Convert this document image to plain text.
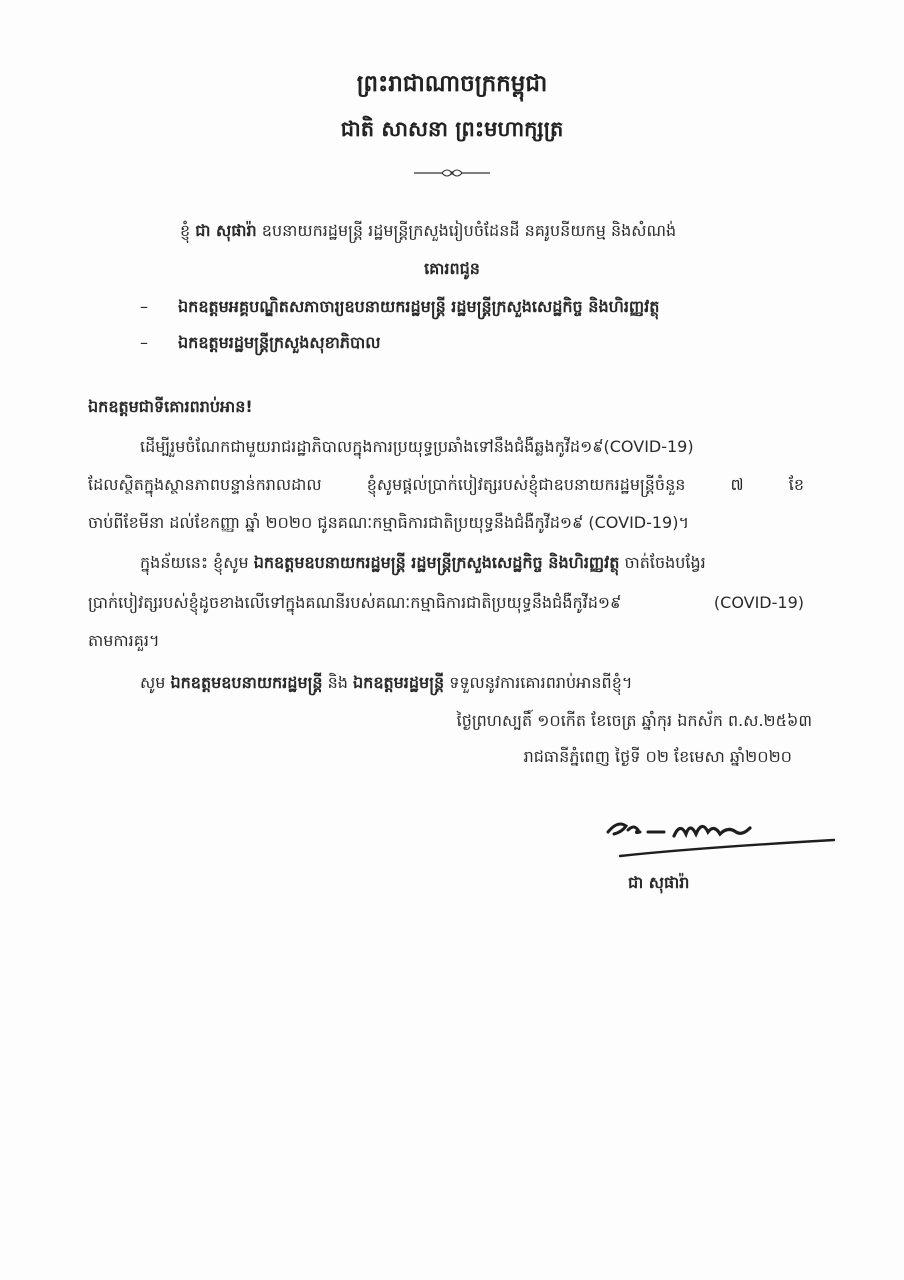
ព្រះរាជាណាចក្រកម្ពុជា
ជាតិ សាសនា ព្រះមហាក្សត្រ
ខ្ញុំ ជា សុផារ៉ា ឧបនាយករដ្ឋមន្ត្រី រដ្ឋមន្ត្រីក្រសួងរៀបចំដែនដី នគរូបនីយកម្ម និងសំណង់
គោរពជូន
– ឯកឧត្តមអគ្គបណ្ឌិតសភាចារ្យឧបនាយករដ្ឋមន្ត្រី រដ្ឋមន្ត្រីក្រសួងសេដ្ឋកិច្ច និងហិរញ្ញវត្ថុ
– ឯកឧត្តមរដ្ឋមន្ត្រីក្រសួងសុខាភិបាល
ឯកឧត្តមជាទីគោរពរាប់អាន!
ដើម្បីរួមចំណែកជាមួយរាជរដ្ឋាភិបាលក្នុងការប្រយុទ្ធប្រឆាំងទៅនឹងជំងឺឆ្លងកូវីដ១៩(COVID-19)
ដែលស្ថិតក្នុងស្ថានភាពបន្ទាន់ករាលដាល ខ្ញុំសូមផ្តល់ប្រាក់បៀវត្សរបស់ខ្ញុំជាឧបនាយករដ្ឋមន្ត្រីចំនួន ៧ ខែ
ចាប់ពីខែមីនា ដល់ខែកញ្ញា ឆ្នាំ ២០២០ ជូនគណៈកម្មាធិការជាតិប្រយុទ្ធនឹងជំងឺកូវីដ១៩ (COVID-19)។
ក្នុងន័យនេះ ខ្ញុំសូម ឯកឧត្តមឧបនាយករដ្ឋមន្ត្រី រដ្ឋមន្ត្រីក្រសួងសេដ្ឋកិច្ច និងហិរញ្ញវត្ថុ ចាត់ចែងបង្វែរ
ប្រាក់បៀវត្សរបស់ខ្ញុំដូចខាងលើទៅក្នុងគណនីរបស់គណៈកម្មាធិការជាតិប្រយុទ្ធនឹងជំងឺកូវីដ១៩ (COVID-19)
តាមការគួរ។
សូម ឯកឧត្តមឧបនាយករដ្ឋមន្ត្រី និង ឯកឧត្តមរដ្ឋមន្ត្រី ទទួលនូវការគោរពរាប់អានពីខ្ញុំ។
ថ្ងៃព្រហស្បតិ៍ ១០កើត ខែចេត្រ ឆ្នាំកុរ ឯកស័ក ព.ស.២៥៦៣
រាជធានីភ្នំពេញ ថ្ងៃទី ០២ ខែមេសា ឆ្នាំ២០២០
ជា សុផារ៉ា
